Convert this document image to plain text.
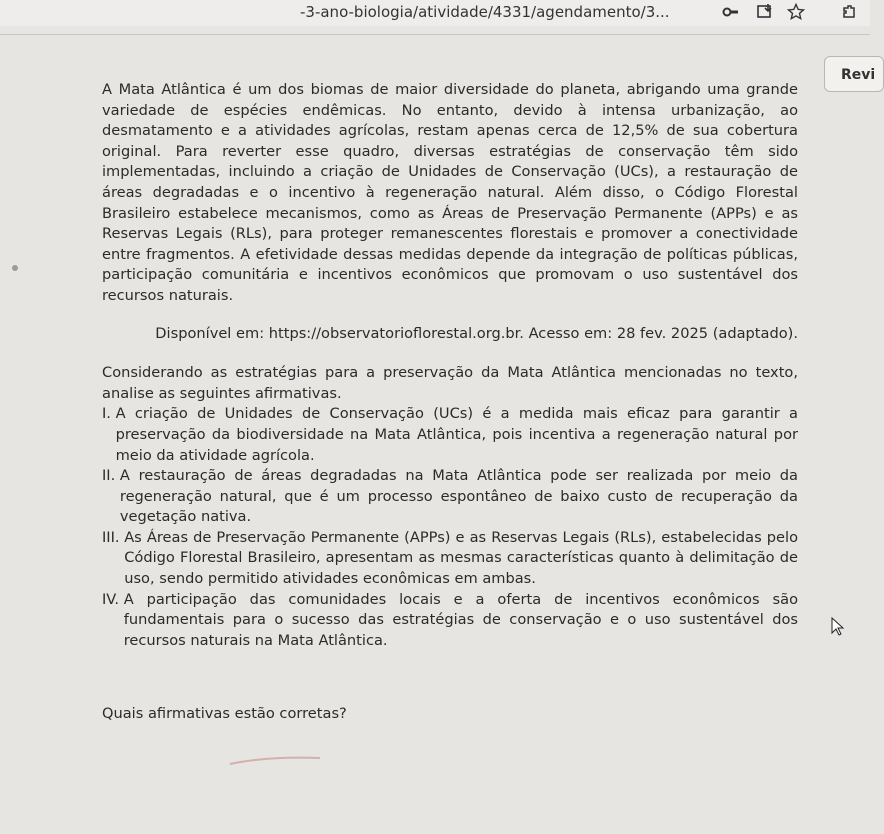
-3-ano-biologia/atividade/4331/agendamento/3...
Revi

A Mata Atlântica é um dos biomas de maior diversidade do planeta, abrigando uma grande variedade de espécies endêmicas. No entanto, devido à intensa urbanização, ao desmatamento e a atividades agrícolas, restam apenas cerca de 12,5% de sua cobertura original. Para reverter esse quadro, diversas estratégias de conservação têm sido implementadas, incluindo a criação de Unidades de Conservação (UCs), a restauração de áreas degradadas e o incentivo à regeneração natural. Além disso, o Código Florestal Brasileiro estabelece mecanismos, como as Áreas de Preservação Permanente (APPs) e as Reservas Legais (RLs), para proteger remanescentes florestais e promover a conectividade entre fragmentos. A efetividade dessas medidas depende da integração de políticas públicas, participação comunitária e incentivos econômicos que promovam o uso sustentável dos recursos naturais.

Disponível em: https://observatorioflorestal.org.br. Acesso em: 28 fev. 2025 (adaptado).

Considerando as estratégias para a preservação da Mata Atlântica mencionadas no texto, analise as seguintes afirmativas.

I. A criação de Unidades de Conservação (UCs) é a medida mais eficaz para garantir a preservação da biodiversidade na Mata Atlântica, pois incentiva a regeneração natural por meio da atividade agrícola.
II. A restauração de áreas degradadas na Mata Atlântica pode ser realizada por meio da regeneração natural, que é um processo espontâneo de baixo custo de recuperação da vegetação nativa.
III. As Áreas de Preservação Permanente (APPs) e as Reservas Legais (RLs), estabelecidas pelo Código Florestal Brasileiro, apresentam as mesmas características quanto à delimitação de uso, sendo permitido atividades econômicas em ambas.
IV. A participação das comunidades locais e a oferta de incentivos econômicos são fundamentais para o sucesso das estratégias de conservação e o uso sustentável dos recursos naturais na Mata Atlântica.

Quais afirmativas estão corretas?
